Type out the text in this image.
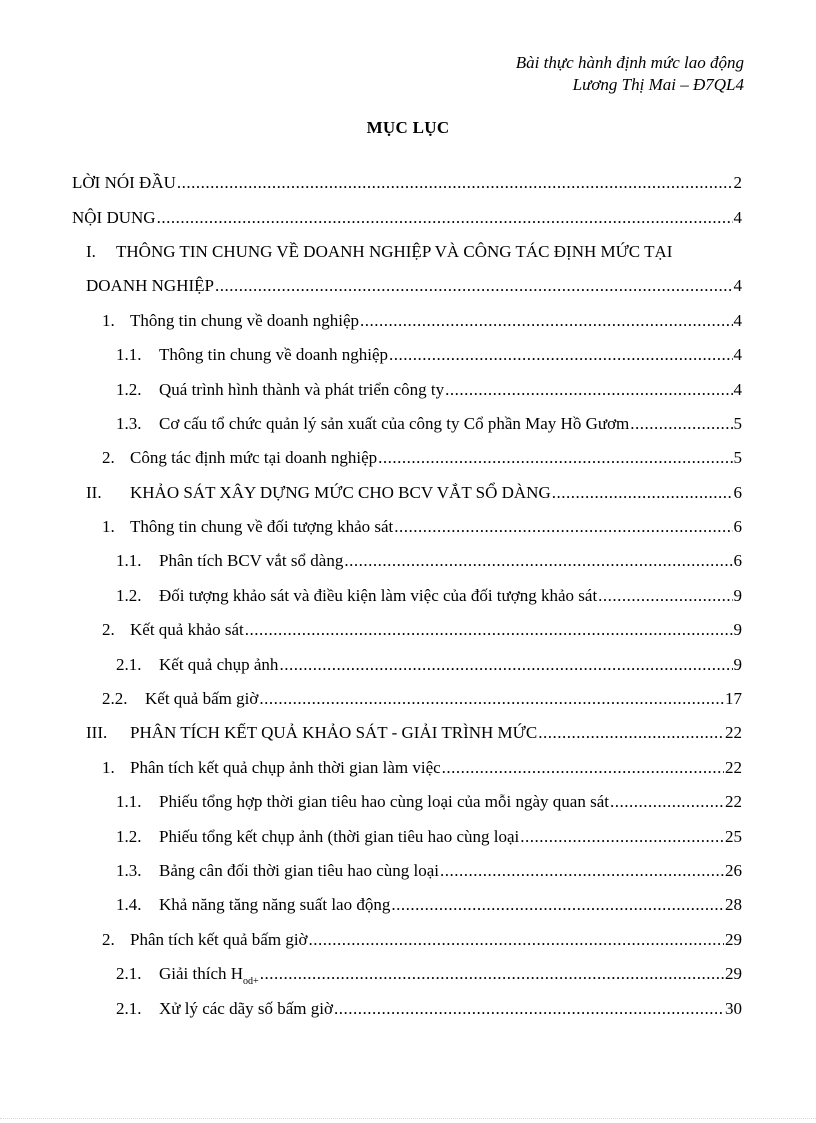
Bài thực hành định mức lao động
Lương Thị Mai – Đ7QL4
MỤC LỤC
LỜI NÓI ĐẦU .....	2
NỘI DUNG .....	4
I.	THÔNG TIN CHUNG VỀ DOANH NGHIỆP VÀ CÔNG TÁC ĐỊNH MỨC TẠI
DOANH NGHIỆP .....	4
1. Thông tin chung về doanh nghiệp .....	4
1.1.	Thông tin chung về doanh nghiệp .....	4
1.2.	Quá trình hình thành và phát triển công ty .....	4
1.3.	Cơ cấu tổ chức quản lý sản xuất của công ty Cổ phần May Hồ Gươm .....	5
2. Công tác định mức tại doanh nghiệp .....	5
II.	KHẢO SÁT XÂY DỰNG MỨC CHO BCV VẮT SỔ DÀNG .....	6
1. Thông tin chung về đối tượng khảo sát .....	6
1.1.	Phân tích BCV vắt sổ dàng .....	6
1.2.	Đối tượng khảo sát và điều kiện làm việc của đối tượng khảo sát .....	9
2. Kết quả khảo sát .....	9
2.1.	Kết quả chụp ảnh .....	9
2.2.	Kết quả bấm giờ .....	17
III.	PHÂN TÍCH KẾT QUẢ KHẢO SÁT - GIẢI TRÌNH MỨC .....	22
1. Phân tích kết quả chụp ảnh thời gian làm việc .....	22
1.1.	Phiếu tổng hợp thời gian tiêu hao cùng loại của mỗi ngày quan sát .....	22
1.2.	Phiếu tổng kết chụp ảnh (thời gian tiêu hao cùng loại .....	25
1.3.	Bảng cân đối thời gian tiêu hao cùng loại .....	26
1.4.	Khả năng tăng năng suất lao động .....	28
2. Phân tích kết quả bấm giờ .....	29
2.1.	Giải thích $H_{od+}$ .....	29
2.1.	Xử lý các dãy số bấm giờ .....	30
